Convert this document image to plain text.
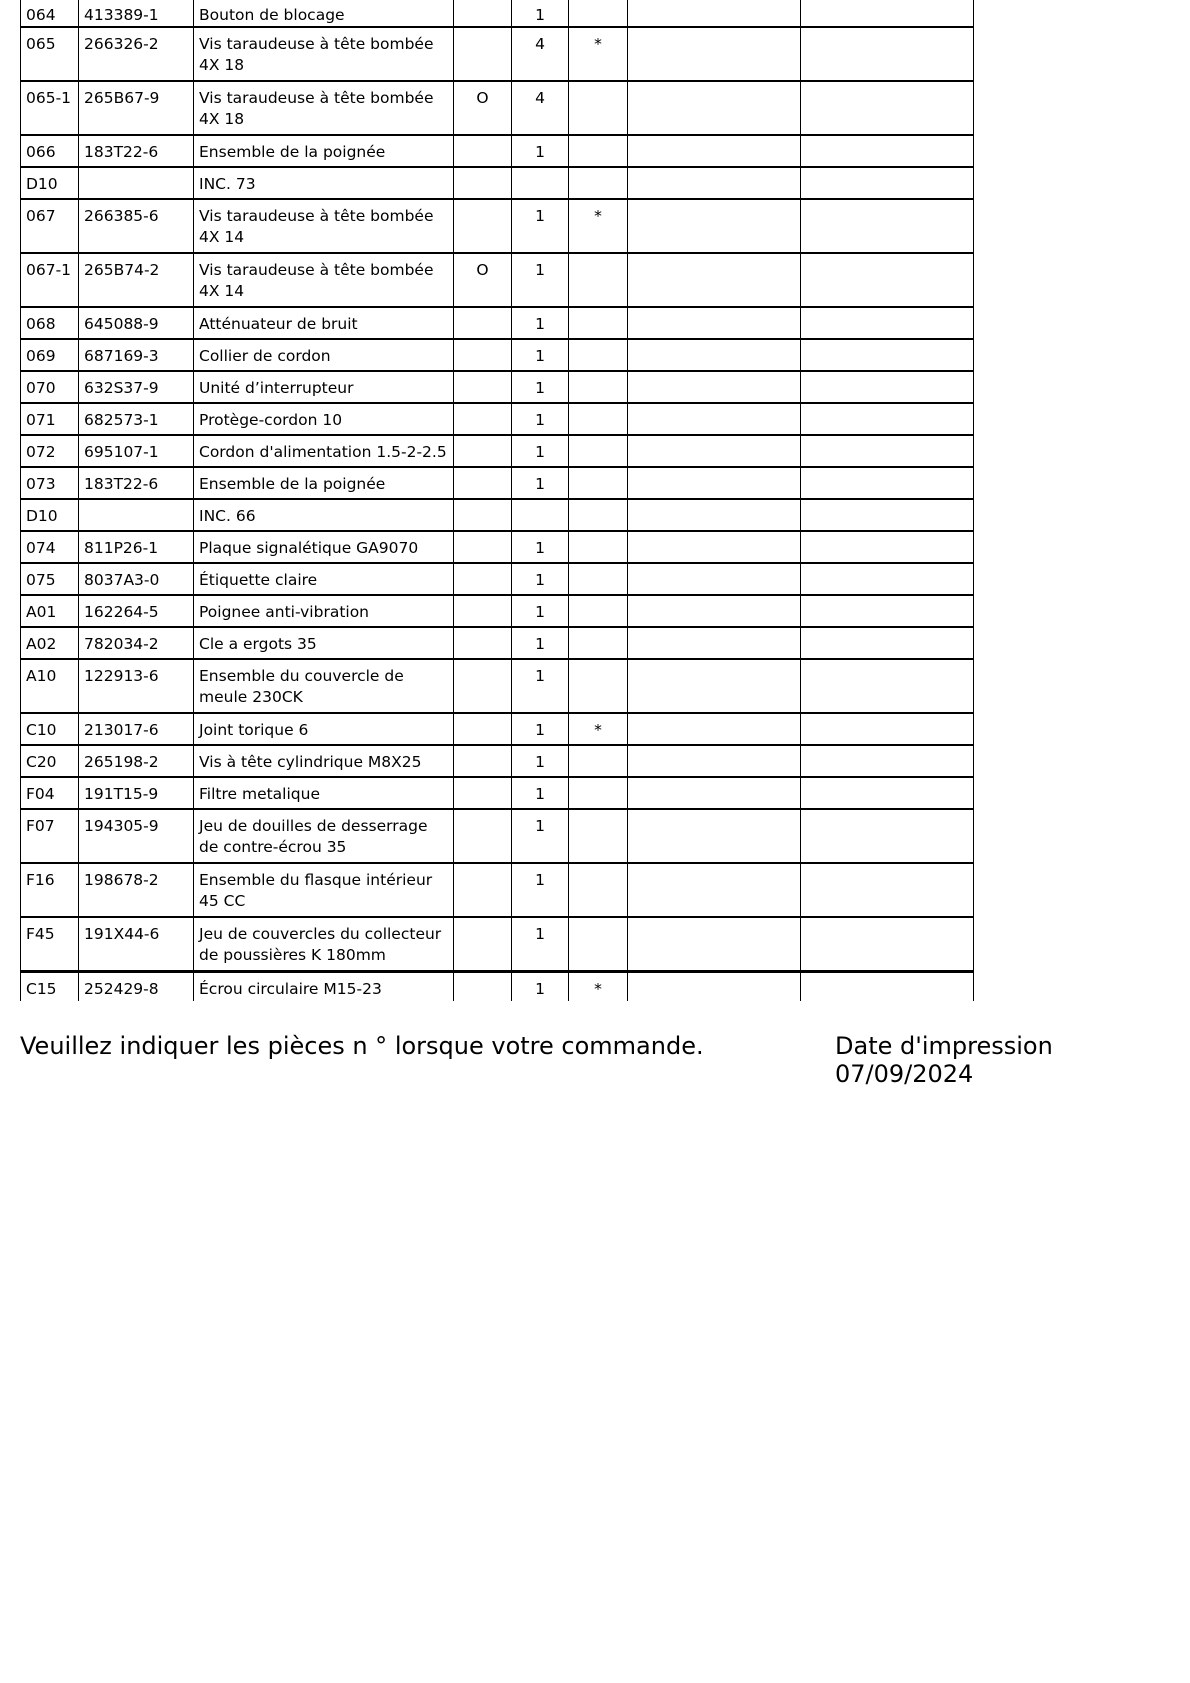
064	413389-1	Bouton de blocage		1			
065	266326-2	Vis taraudeuse à tête bombée 4X 18		4	*		
065-1	265B67-9	Vis taraudeuse à tête bombée 4X 18	O	4			
066	183T22-6	Ensemble de la poignée		1			
D10		INC. 73					
067	266385-6	Vis taraudeuse à tête bombée 4X 14		1	*		
067-1	265B74-2	Vis taraudeuse à tête bombée 4X 14	O	1			
068	645088-9	Atténuateur de bruit		1			
069	687169-3	Collier de cordon		1			
070	632S37-9	Unité d’interrupteur		1			
071	682573-1	Protège-cordon 10		1			
072	695107-1	Cordon d'alimentation 1.5-2-2.5		1			
073	183T22-6	Ensemble de la poignée		1			
D10		INC. 66					
074	811P26-1	Plaque signalétique GA9070		1			
075	8037A3-0	Étiquette claire		1			
A01	162264-5	Poignee anti-vibration		1			
A02	782034-2	Cle a ergots 35		1			
A10	122913-6	Ensemble du couvercle de meule 230CK		1			
C10	213017-6	Joint torique 6		1	*		
C20	265198-2	Vis à tête cylindrique M8X25		1			
F04	191T15-9	Filtre metalique		1			
F07	194305-9	Jeu de douilles de desserrage de contre-écrou 35		1			
F16	198678-2	Ensemble du flasque intérieur 45 CC		1			
F45	191X44-6	Jeu de couvercles du collecteur de poussières K 180mm		1			
C15	252429-8	Écrou circulaire M15-23		1	*		
Veuillez indiquer les pièces n ° lorsque votre commande.	Date d'impression 07/09/2024
